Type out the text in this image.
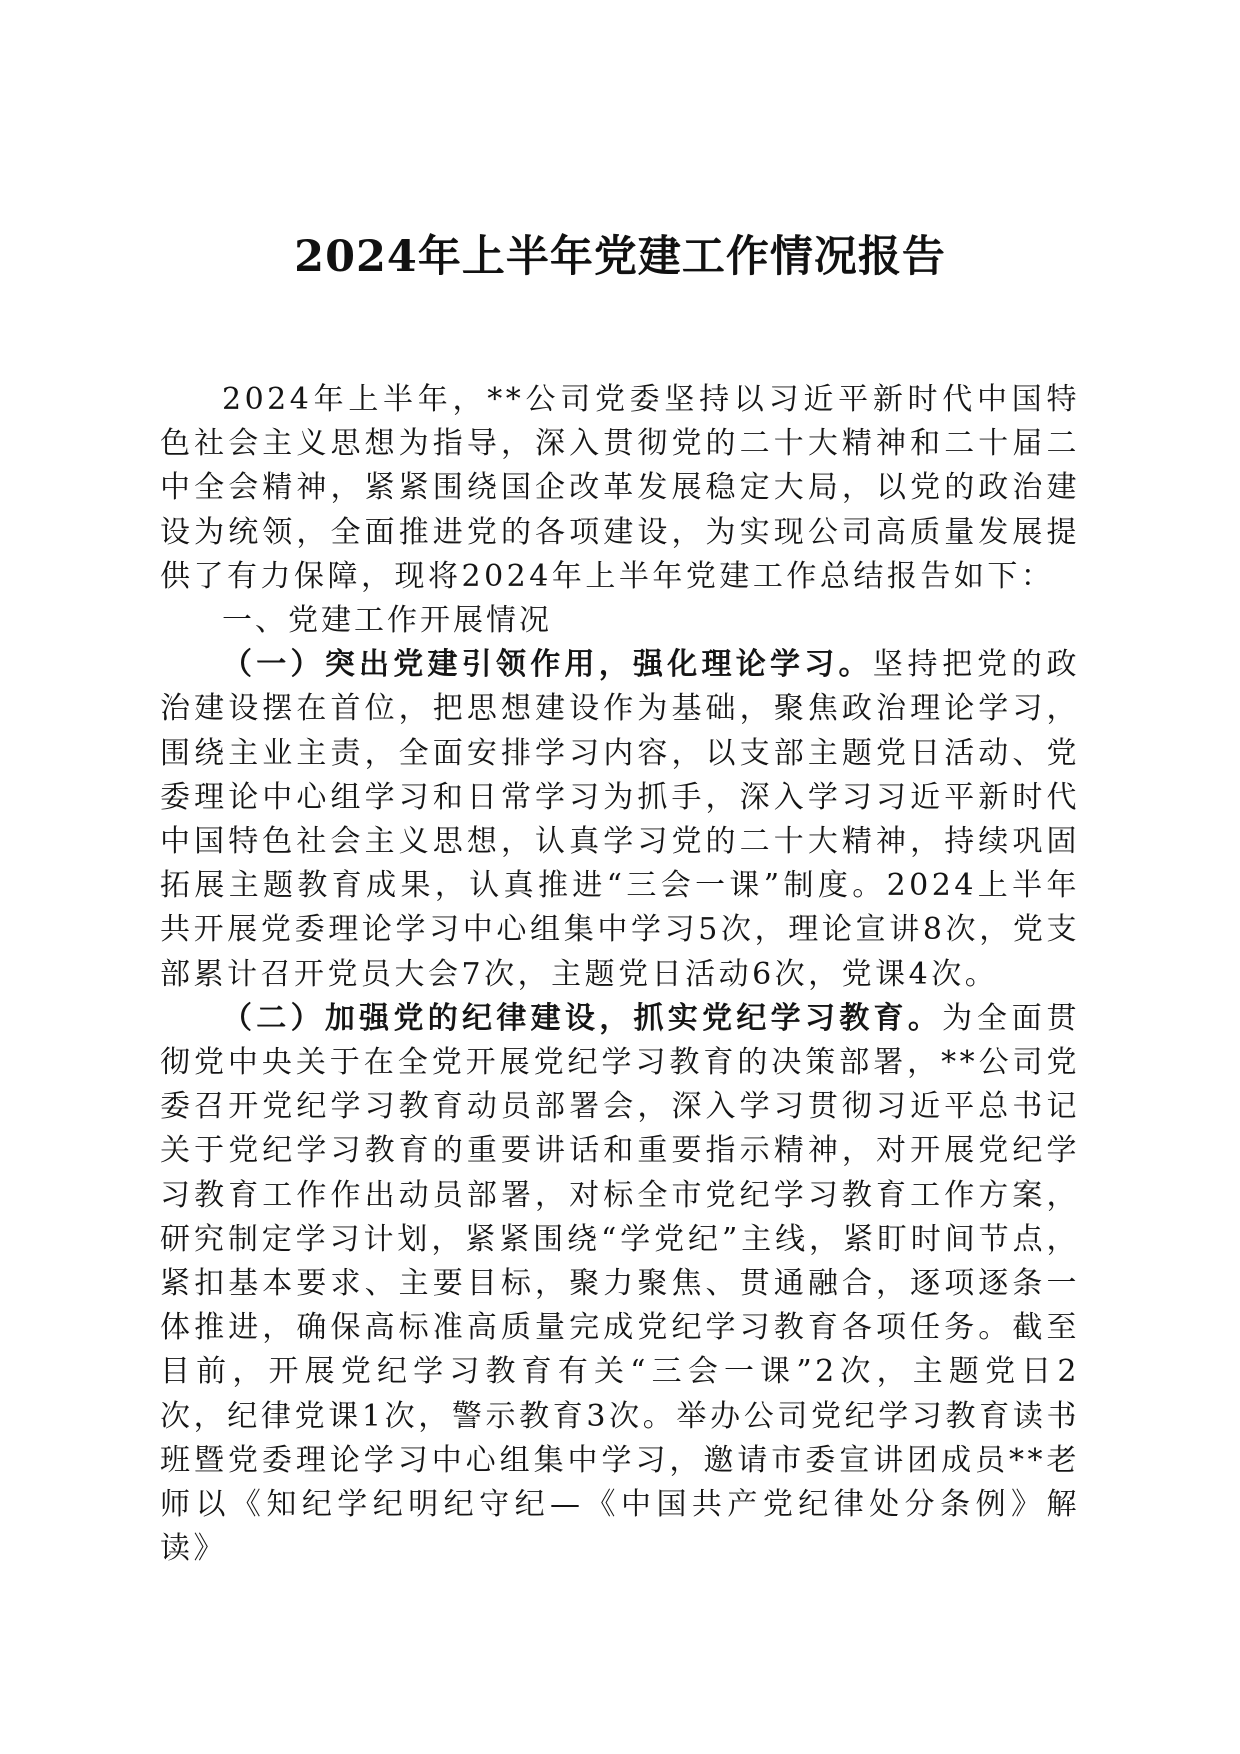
2024年上半年党建工作情况报告

2024年上半年，**公司党委坚持以习近平新时代中国特色社会主义思想为指导，深入贯彻党的二十大精神和二十届二中全会精神，紧紧围绕国企改革发展稳定大局，以党的政治建设为统领，全面推进党的各项建设，为实现公司高质量发展提供了有力保障，现将2024年上半年党建工作总结报告如下：

一、党建工作开展情况

（一）突出党建引领作用，强化理论学习。坚持把党的政治建设摆在首位，把思想建设作为基础，聚焦政治理论学习，围绕主业主责，全面安排学习内容，以支部主题党日活动、党委理论中心组学习和日常学习为抓手，深入学习习近平新时代中国特色社会主义思想，认真学习党的二十大精神，持续巩固拓展主题教育成果，认真推进“三会一课”制度。2024上半年共开展党委理论学习中心组集中学习5次，理论宣讲8次，党支部累计召开党员大会7次，主题党日活动6次，党课4次。

（二）加强党的纪律建设，抓实党纪学习教育。为全面贯彻党中央关于在全党开展党纪学习教育的决策部署，**公司党委召开党纪学习教育动员部署会，深入学习贯彻习近平总书记关于党纪学习教育的重要讲话和重要指示精神，对开展党纪学习教育工作作出动员部署，对标全市党纪学习教育工作方案，研究制定学习计划，紧紧围绕“学党纪”主线，紧盯时间节点，紧扣基本要求、主要目标，聚力聚焦、贯通融合，逐项逐条一体推进，确保高标准高质量完成党纪学习教育各项任务。截至目前，开展党纪学习教育有关“三会一课”2次，主题党日2次，纪律党课1次，警示教育3次。举办公司党纪学习教育读书班暨党委理论学习中心组集中学习，邀请市委宣讲团成员**老师以《知纪学纪明纪守纪—《中国共产党纪律处分条例》解读》
